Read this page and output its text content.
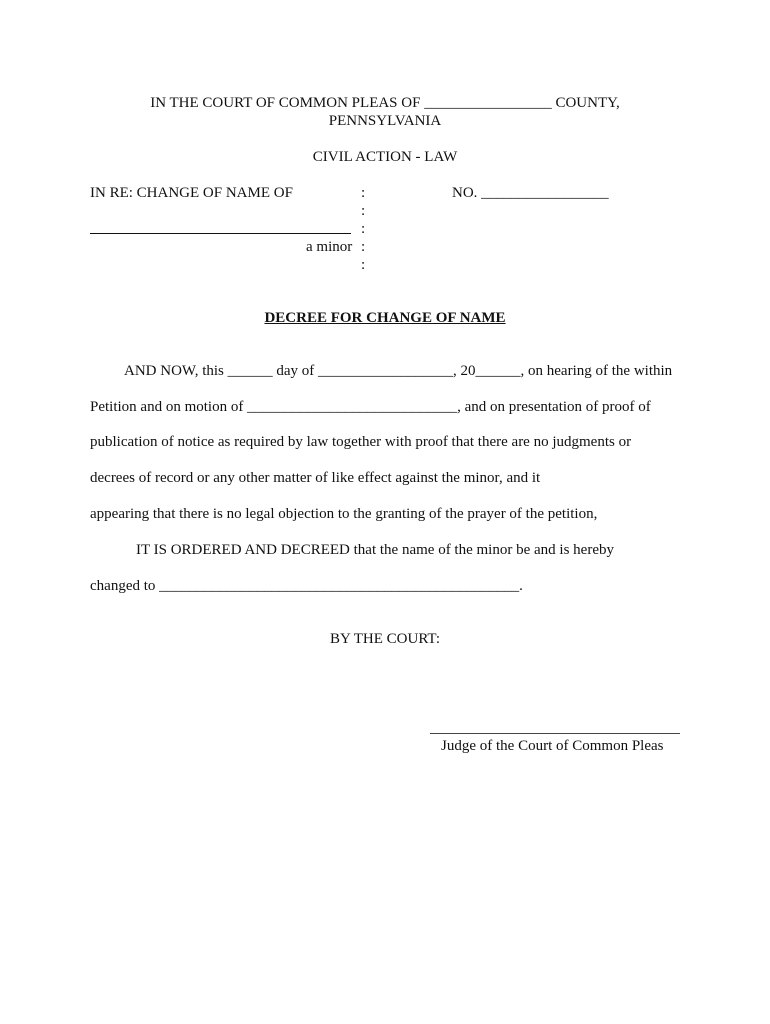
IN THE COURT OF COMMON PLEAS OF _________________ COUNTY,
PENNSYLVANIA
CIVIL ACTION - LAW
IN RE: CHANGE OF NAME OF	:	NO. _________________
:
:
a minor :
:
DECREE FOR CHANGE OF NAME
AND NOW, this ______ day of __________________, 20______, on hearing of the within
Petition and on motion of ____________________________, and on presentation of proof of
publication of notice as required by law together with proof that there are no judgments or
decrees of record or any other matter of like effect against the minor, and it
appearing that there is no legal objection to the granting of the prayer of the petition,
IT IS ORDERED AND DECREED that the name of the minor be and is hereby
changed to ________________________________________________.
BY THE COURT:
Judge of the Court of Common Pleas
